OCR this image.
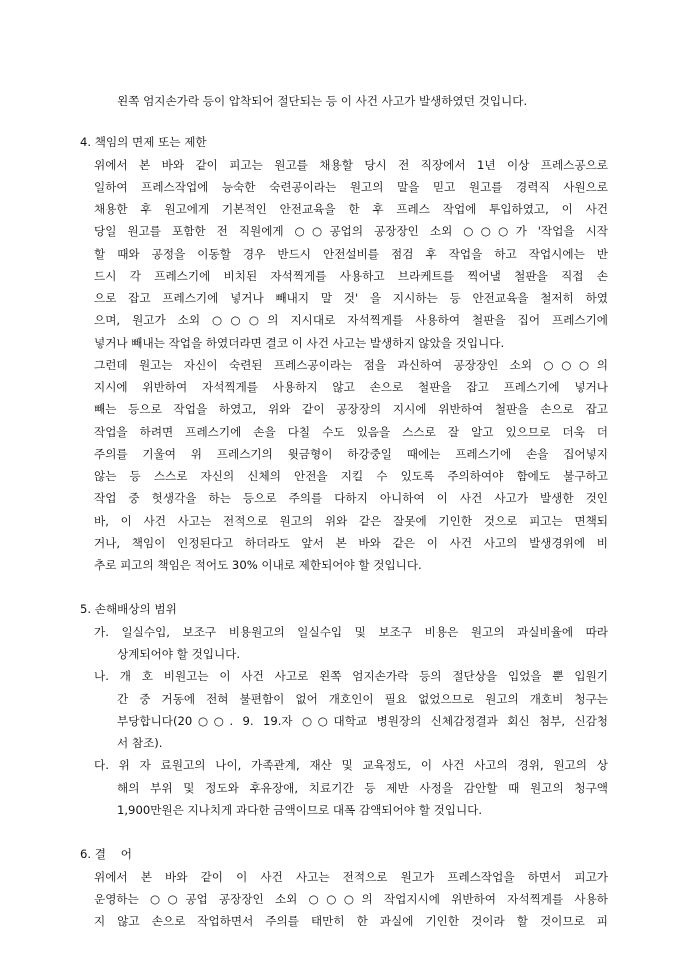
왼쪽 엄지손가락 등이 압착되어 절단되는 등 이 사건 사고가 발생하였던 것입니다.
4. 책임의 면제 또는 제한
위에서 본 바와 같이 피고는 원고를 채용할 당시 전 직장에서 1년 이상 프레스공으로
일하여 프레스작업에 능숙한 숙련공이라는 원고의 말을 믿고 원고를 경력직 사원으로
채용한 후 원고에게 기본적인 안전교육을 한 후 프레스 작업에 투입하였고, 이 사건
당일 원고를 포함한 전 직원에게 ○○공업의 공장장인 소외 ○○○가 '작업을 시작
할 때와 공정을 이동할 경우 반드시 안전설비를 점검 후 작업을 하고 작업시에는 반
드시 각 프레스기에 비치된 자석찍게를 사용하고 브라케트를 찍어낼 철판을 직접 손
으로 잡고 프레스기에 넣거나 빼내지 말 것' 을 지시하는 등 안전교육을 철저히 하였
으며, 원고가 소외 ○○○의 지시대로 자석찍게를 사용하여 철판을 집어 프레스기에
넣거나 빼내는 작업을 하였더라면 결코 이 사건 사고는 발생하지 않았을 것입니다.
그런데 원고는 자신이 숙련된 프레스공이라는 점을 과신하여 공장장인 소외 ○○○의
지시에 위반하여 자석찍게를 사용하지 않고 손으로 철판을 잡고 프레스기에 넣거나
빼는 등으로 작업을 하였고, 위와 같이 공장장의 지시에 위반하여 철판을 손으로 잡고
작업을 하려면 프레스기에 손을 다칠 수도 있음을 스스로 잘 알고 있으므로 더욱 더
주의를 기울여 위 프레스기의 윗금형이 하강중일 때에는 프레스기에 손을 집어넣지
않는 등 스스로 자신의 신체의 안전을 지킬 수 있도록 주의하여야 함에도 불구하고
작업 중 헛생각을 하는 등으로 주의를 다하지 아니하여 이 사건 사고가 발생한 것인
바, 이 사건 사고는 전적으로 원고의 위와 같은 잘못에 기인한 것으로 피고는 면책되
거나, 책임이 인정된다고 하더라도 앞서 본 바와 같은 이 사건 사고의 발생경위에 비
추로 피고의 책임은 적어도 30% 이내로 제한되어야 할 것입니다.
5. 손해배상의 범위
가. 일실수입, 보조구 비용원고의 일실수입 및 보조구 비용은 원고의 과실비율에 따라
상계되어야 할 것입니다.
나. 개 호 비원고는 이 사건 사고로 왼쪽 엄지손가락 등의 절단상을 입었을 뿐 입원기
간 중 거동에 전혀 불편함이 없어 개호인이 필요 없었으므로 원고의 개호비 청구는
부당합니다(20○○. 9. 19.자 ○○대학교 병원장의 신체감정결과 회신 첨부, 신감청
서 참조).
다. 위 자 료원고의 나이, 가족관계, 재산 및 교육정도, 이 사건 사고의 경위, 원고의 상
해의 부위 및 정도와 후유장애, 치료기간 등 제반 사정을 감안할 때 원고의 청구액
1,900만원은 지나치게 과다한 금액이므로 대폭 감액되어야 할 것입니다.
6. 결    어
위에서 본 바와 같이 이 사건 사고는 전적으로 원고가 프레스작업을 하면서 피고가
운영하는 ○○공업 공장장인 소외 ○○○의 작업지시에 위반하여 자석찍게를 사용하
지 않고 손으로 작업하면서 주의를 태만히 한 과실에 기인한 것이라 할 것이므로 피
